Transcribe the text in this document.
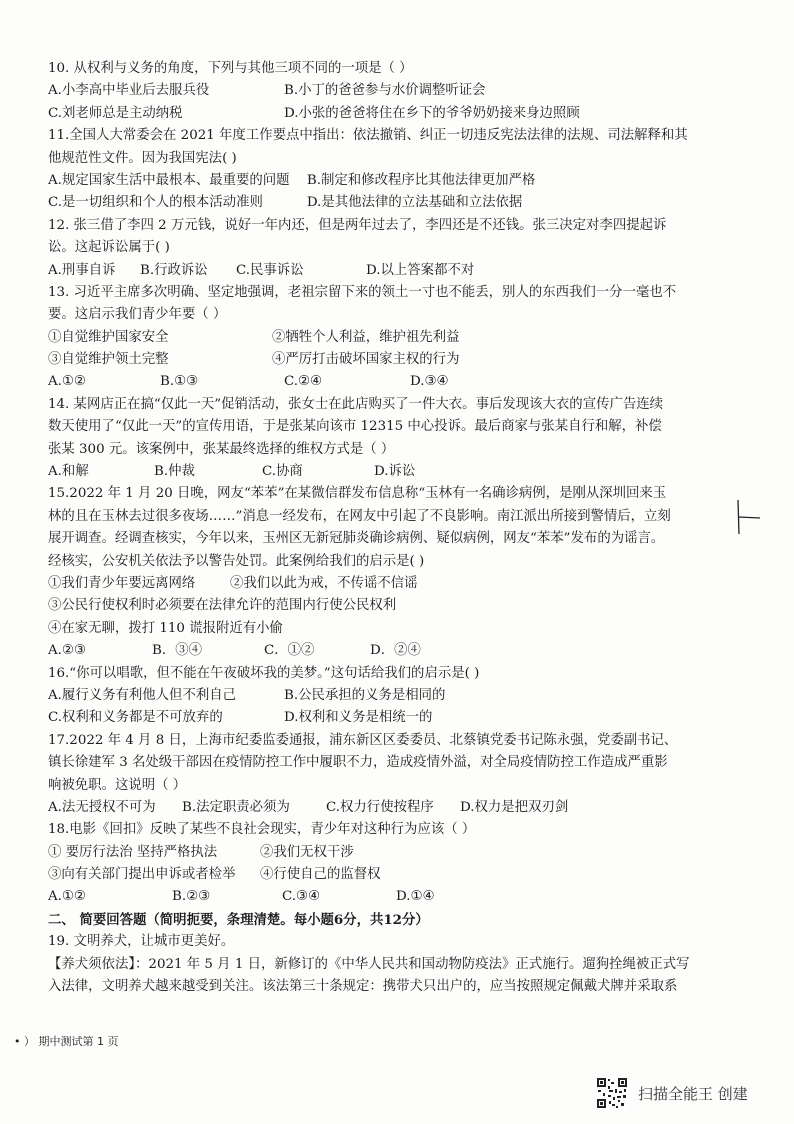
10. 从权利与义务的角度，下列与其他三项不同的一项是（ ）
A.小李高中毕业后去服兵役	B.小丁的爸爸参与水价调整听证会
C.刘老师总是主动纳税	D.小张的爸爸将住在乡下的爷爷奶奶接来身边照顾
11.全国人大常委会在 2021 年度工作要点中指出：依法撤销、纠正一切违反宪法法律的法规、司法解释和其
他规范性文件。因为我国宪法( )
A.规定国家生活中最根本、最重要的问题	B.制定和修改程序比其他法律更加严格
C.是一切组织和个人的根本活动准则	D.是其他法律的立法基础和立法依据
12. 张三借了李四 2 万元钱，说好一年内还，但是两年过去了，李四还是不还钱。张三决定对李四提起诉
讼。这起诉讼属于( )
A.刑事自诉	B.行政诉讼	C.民事诉讼	D.以上答案都不对
13. 习近平主席多次明确、坚定地强调，老祖宗留下来的领土一寸也不能丢，别人的东西我们一分一毫也不
要。这启示我们青少年要（ ）
①自觉维护国家安全	②牺牲个人利益，维护祖先利益
③自觉维护领土完整	④严厉打击破坏国家主权的行为
A.①②	B.①③	C.②④	D.③④
14. 某网店正在搞“仅此一天”促销活动，张女士在此店购买了一件大衣。事后发现该大衣的宣传广告连续
数天使用了“仅此一天”的宣传用语，于是张某向该市 12315 中心投诉。最后商家与张某自行和解，补偿
张某 300 元。该案例中，张某最终选择的维权方式是（ ）
A.和解	B.仲裁	C.协商	D.诉讼
15.2022 年 1 月 20 日晚，网友“苯苯”在某微信群发布信息称“玉林有一名确诊病例，是刚从深圳回来玉
林的且在玉林去过很多夜场……”消息一经发布，在网友中引起了不良影响。南江派出所接到警情后，立刻
展开调查。经调查核实，今年以来，玉州区无新冠肺炎确诊病例、疑似病例，网友“苯苯”发布的为谣言。
经核实，公安机关依法予以警告处罚。此案例给我们的启示是( )
①我们青少年要远离网络	②我们以此为戒，不传谣不信谣
③公民行使权利时必须要在法律允许的范围内行使公民权利
④在家无聊，拨打 110 谎报附近有小偷
A.②③	B．③④	C．①②	D．②④
16.“你可以唱歌，但不能在午夜破坏我的美梦。”这句话给我们的启示是( )
A.履行义务有利他人但不利自己	B.公民承担的义务是相同的
C.权利和义务都是不可放弃的	D.权利和义务是相统一的
17.2022 年 4 月 8 日，上海市纪委监委通报，浦东新区区委委员、北蔡镇党委书记陈永强，党委副书记、
镇长徐建军 3 名处级干部因在疫情防控工作中履职不力，造成疫情外溢，对全局疫情防控工作造成严重影
响被免职。这说明（ ）
A.法无授权不可为	B.法定职责必须为	C.权力行使按程序	D.权力是把双刃剑
18.电影《回扣》反映了某些不良社会现实，青少年对这种行为应该（ ）
① 要厉行法治 坚持严格执法	②我们无权干涉
③向有关部门提出申诉或者检举	④行使自己的监督权
A.①②	B.②③	C.③④	D.①④
二、 简要回答题（简明扼要，条理清楚。每小题6分，共12分）
19. 文明养犬，让城市更美好。
【养犬须依法】：2021 年 5 月 1 日，新修订的《中华人民共和国动物防疫法》正式施行。遛狗拴绳被正式写
入法律，文明养犬越来越受到关注。该法第三十条规定：携带犬只出户的，应当按照规定佩戴犬牌并采取系
• ） 期中测试第 1 页
扫描全能王 创建
